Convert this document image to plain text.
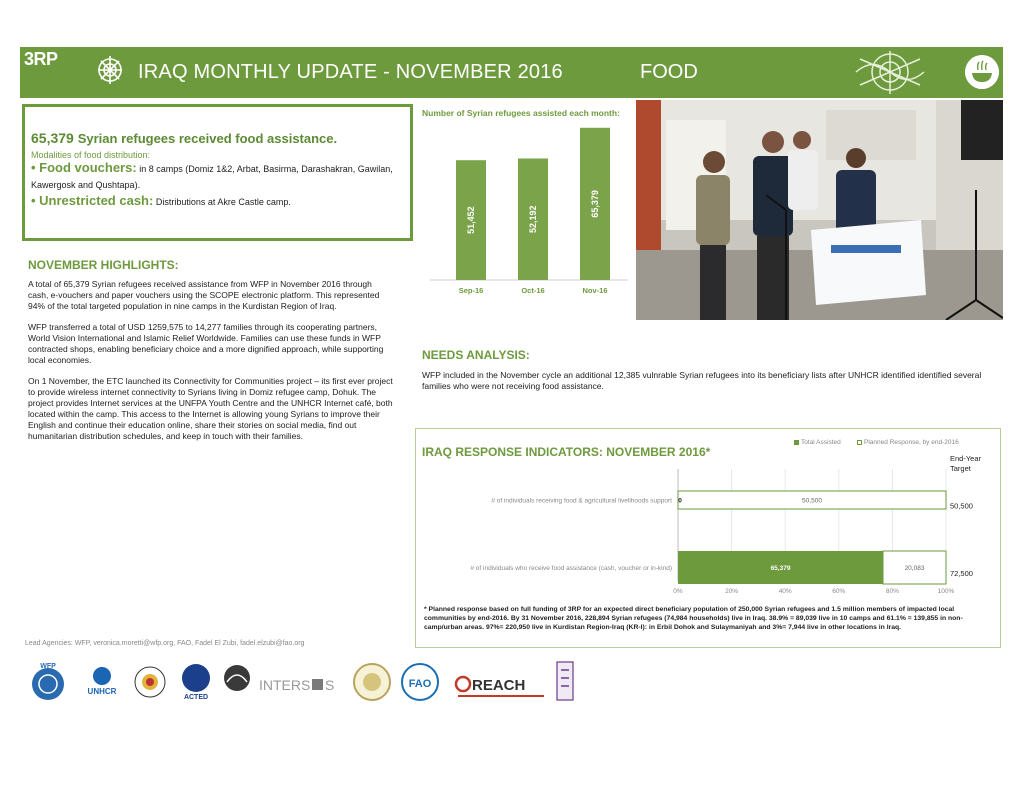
3RP
IRAQ MONTHLY UPDATE - NOVEMBER 2016	FOOD
65,379 Syrian refugees received food assistance.
Modalities of food distribution:
• Food vouchers: in 8 camps (Domiz 1&2, Arbat, Basirma, Darashakran, Gawilan, Kawergosk and Qushtapa).
• Unrestricted cash: Distributions at Akre Castle camp.
Number of Syrian refugees assisted each month:
51,452
Sep-16
52,192
Oct-16
65,379
Nov-16
NOVEMBER HIGHLIGHTS:

A total of 65,379 Syrian refugees received assistance from WFP in November 2016 through cash, e-vouchers and paper vouchers using the SCOPE electronic platform. This represented 94% of the total targeted population in nine camps in the Kurdistan Region of Iraq.

WFP transferred a total of USD 1259,575 to 14,277 families through its cooperating partners, World Vision International and Islamic Relief Worldwide. Families can use these funds in WFP contracted shops, enabling beneficiary choice and a more dignified approach, while supporting local economies.

On 1 November, the ETC launched its Connectivity for Communities project – its first ever project to provide wireless internet connectivity to Syrians living in Domiz refugee camp, Dohuk. The project provides Internet services at the UNFPA Youth Centre and the UNHCR Internet café, both located within the camp. This access to the Internet is allowing young Syrians to improve their English and continue their education online, share their stories on social media, find out humanitarian distribution schedules, and keep in touch with their families.

NEEDS ANALYSIS:
WFP included in the November cycle an additional 12,385 vulnrable Syrian refugees into its beneficiary lists after UNHCR identified identified several families who were not receiving food assistance.
IRAQ RESPONSE INDICATORS: NOVEMBER 2016*
Total Assisted	Planned Response, by end-2016
End-Year Target
0%	20%	40%	60%	80%	100%
# of individuals receiving food & agricultural livelihoods support 0	50,500
50,500
# of individuals who receive food assistance (cash, voucher or in-kind)	65,379	20,083
72,500
* Planned response based on full funding of 3RP for an expected direct beneficiary population of 250,000 Syrian refugees and 1.5 million members of impacted local communities by end-2016. By 31 November 2016, 228,894 Syrian refugees (74,984 households) live in Iraq. 38.9% = 89,039 live in 10 camps and 61.1% = 139,855 in non-camp/urban areas. 97%= 220,950 live in Kurdistan Region-Iraq (KR-I): in Erbil Dohok and Sulaymaniyah and 3%= 7,944 live in other locations in Iraq.
Lead Agencies: WFP, veronica.moretti@wfp.org, FAO, Fadel El Zubi, fadel.elzubi@fao.org
WFP
UNHCR
ACTED
INTERS S	FAO	REACH
